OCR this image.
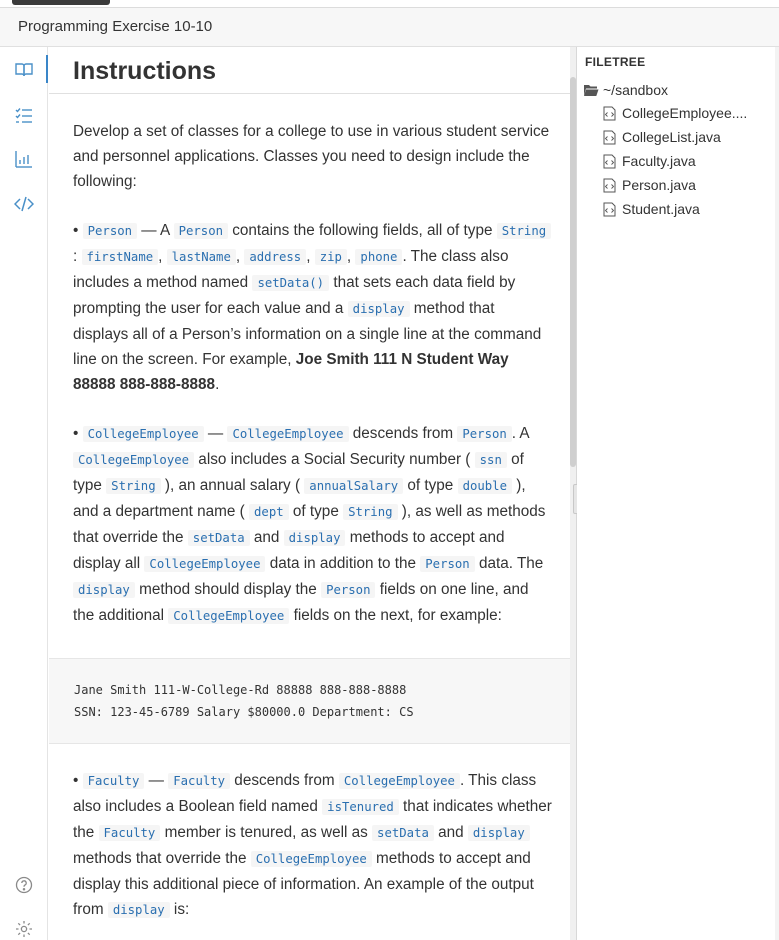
Programming Exercise 10-10
Instructions

Develop a set of classes for a college to use in various student service and personnel applications. Classes you need to design include the following:

• Person — A Person contains the following fields, all of type String : firstName , lastName , address , zip , phone . The class also includes a method named setData() that sets each data field by prompting the user for each value and a display method that displays all of a Person’s information on a single line at the command line on the screen. For example, Joe Smith 111 N Student Way 88888 888-888-8888.

• CollegeEmployee — CollegeEmployee descends from Person . A CollegeEmployee also includes a Social Security number ( ssn of type String ), an annual salary ( annualSalary of type double ), and a department name ( dept of type String ), as well as methods that override the setData and display methods to accept and display all CollegeEmployee data in addition to the Person data. The display method should display the Person fields on one line, and the additional CollegeEmployee fields on the next, for example:

Jane Smith 111-W-College-Rd 88888 888-888-8888
SSN: 123-45-6789 Salary $80000.0 Department: CS

• Faculty — Faculty descends from CollegeEmployee . This class also includes a Boolean field named isTenured that indicates whether the Faculty member is tenured, as well as setData and display methods that override the CollegeEmployee methods to accept and display this additional piece of information. An example of the output from display is:

FILETREE
~/sandbox
CollegeEmployee....
CollegeList.java
Faculty.java
Person.java
Student.java
